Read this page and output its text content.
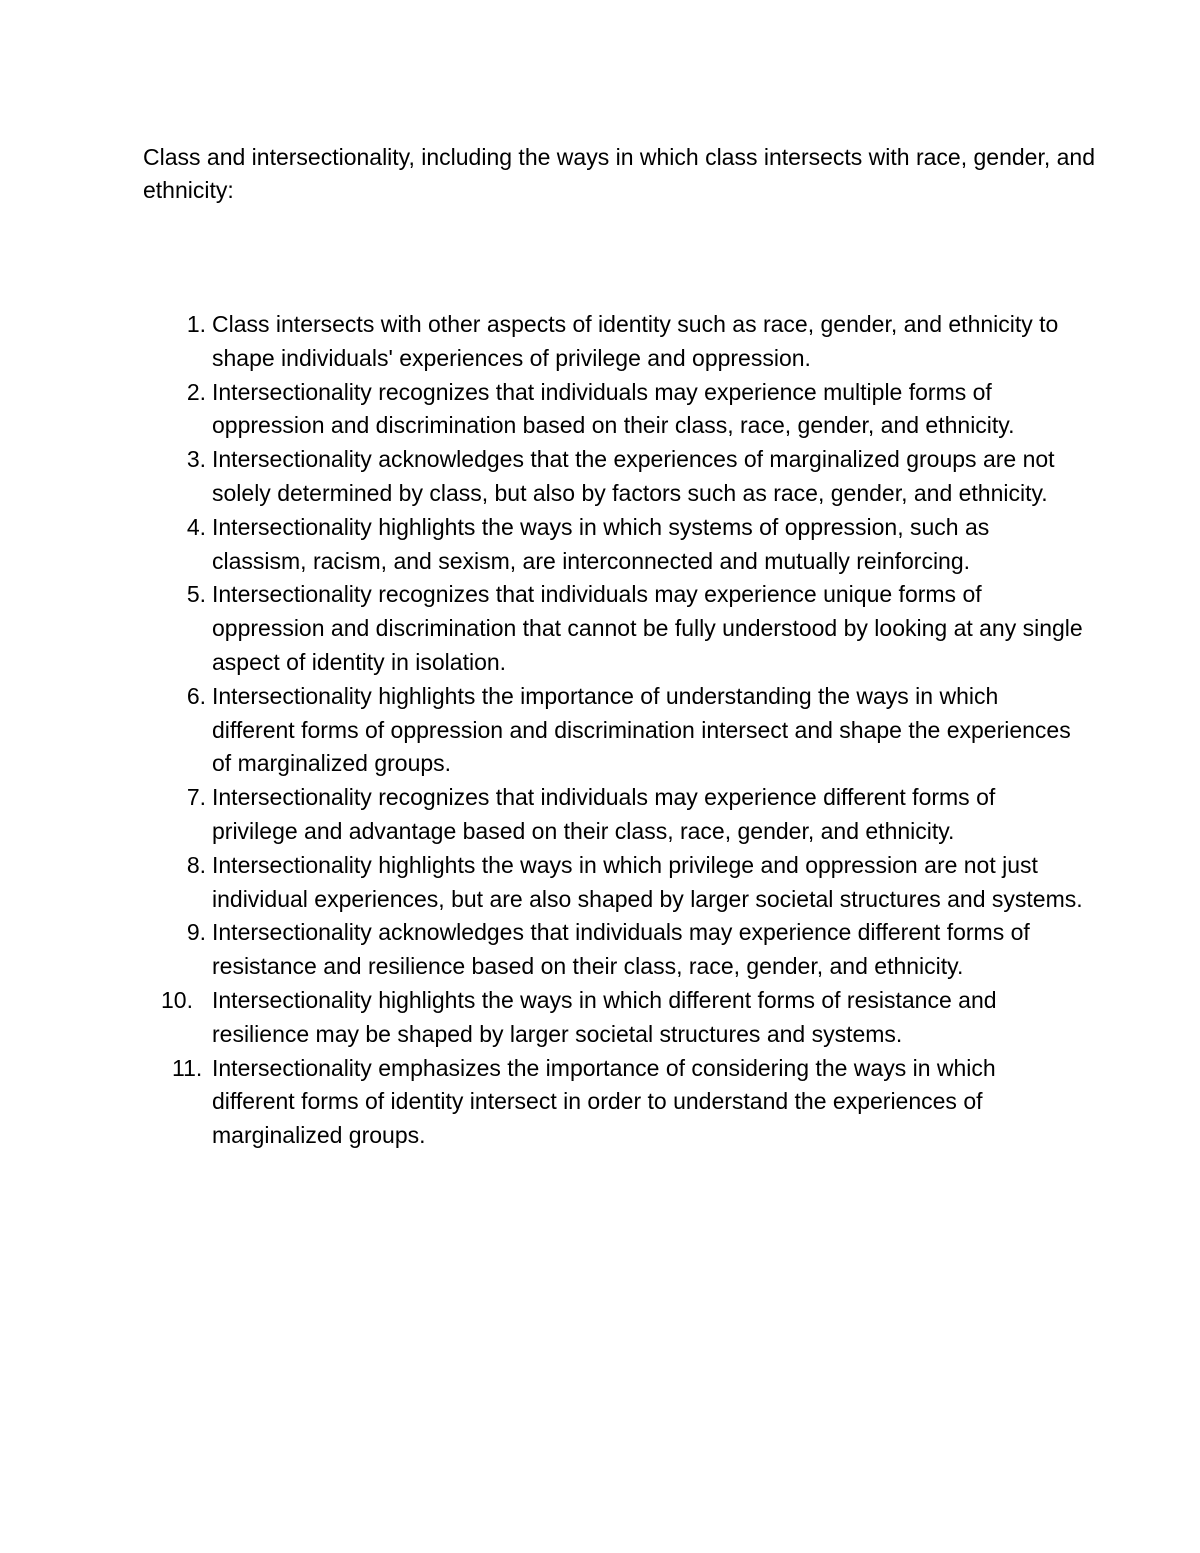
Class and intersectionality, including the ways in which class intersects with race, gender, and ethnicity:

1. Class intersects with other aspects of identity such as race, gender, and ethnicity to shape individuals' experiences of privilege and oppression.
2. Intersectionality recognizes that individuals may experience multiple forms of oppression and discrimination based on their class, race, gender, and ethnicity.
3. Intersectionality acknowledges that the experiences of marginalized groups are not solely determined by class, but also by factors such as race, gender, and ethnicity.
4. Intersectionality highlights the ways in which systems of oppression, such as classism, racism, and sexism, are interconnected and mutually reinforcing.
5. Intersectionality recognizes that individuals may experience unique forms of oppression and discrimination that cannot be fully understood by looking at any single aspect of identity in isolation.
6. Intersectionality highlights the importance of understanding the ways in which different forms of oppression and discrimination intersect and shape the experiences of marginalized groups.
7. Intersectionality recognizes that individuals may experience different forms of privilege and advantage based on their class, race, gender, and ethnicity.
8. Intersectionality highlights the ways in which privilege and oppression are not just individual experiences, but are also shaped by larger societal structures and systems.
9. Intersectionality acknowledges that individuals may experience different forms of resistance and resilience based on their class, race, gender, and ethnicity.
10. Intersectionality highlights the ways in which different forms of resistance and resilience may be shaped by larger societal structures and systems.
11. Intersectionality emphasizes the importance of considering the ways in which different forms of identity intersect in order to understand the experiences of marginalized groups.
